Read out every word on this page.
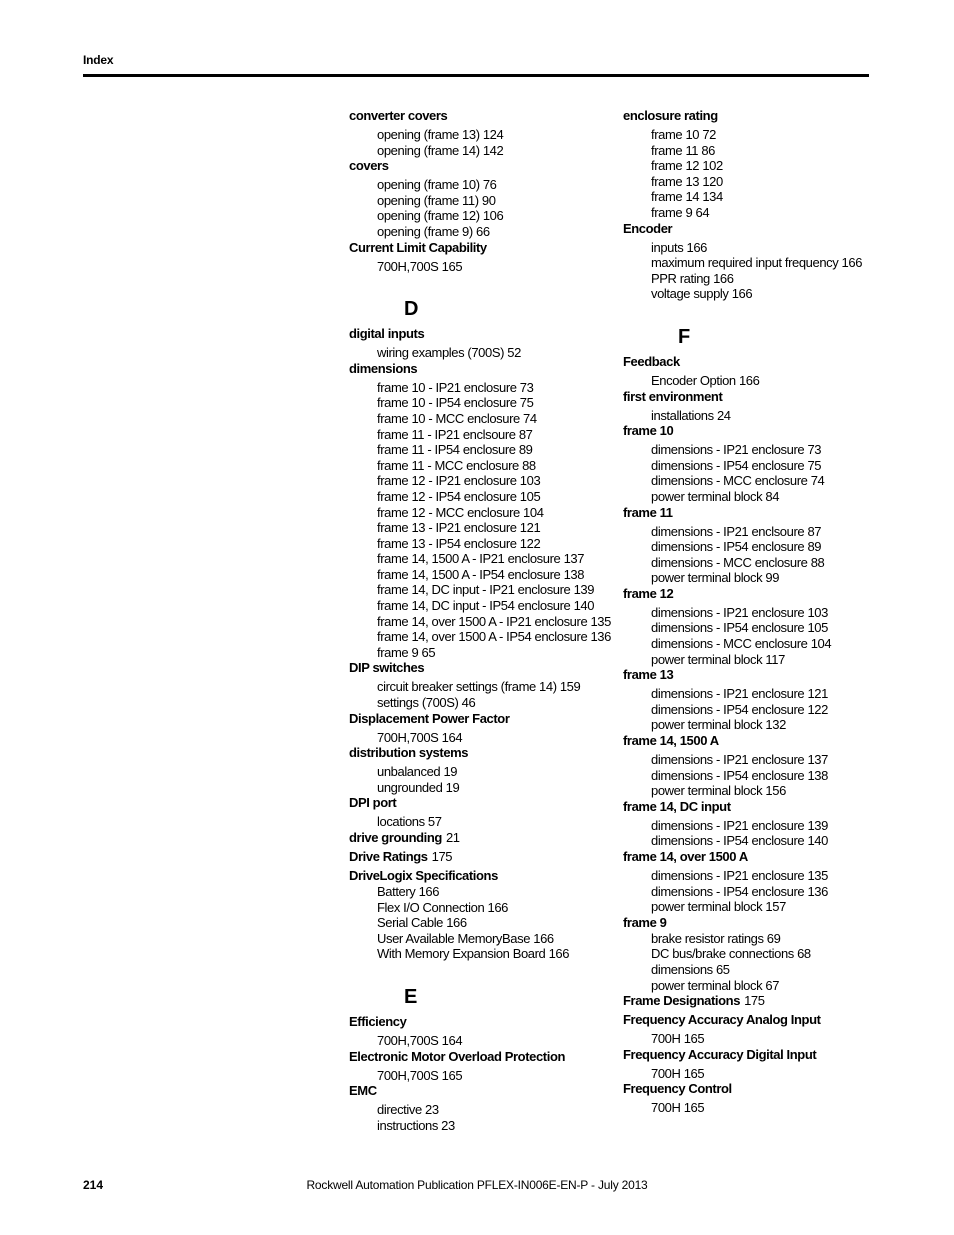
Index
converter covers
opening (frame 13) 124
opening (frame 14) 142
covers
opening (frame 10) 76
opening (frame 11) 90
opening (frame 12) 106
opening (frame 9) 66
Current Limit Capability
700H,700S 165
D
digital inputs
wiring examples (700S) 52
dimensions
frame 10 - IP21 enclosure 73
frame 10 - IP54 enclosure 75
frame 10 - MCC enclosure 74
frame 11 - IP21 enclsoure 87
frame 11 - IP54 enclosure 89
frame 11 - MCC enclosure 88
frame 12 - IP21 enclosure 103
frame 12 - IP54 enclosure 105
frame 12 - MCC enclosure 104
frame 13 - IP21 enclosure 121
frame 13 - IP54 enclosure 122
frame 14, 1500 A - IP21 enclosure 137
frame 14, 1500 A - IP54 enclosure 138
frame 14, DC input - IP21 enclosure 139
frame 14, DC input - IP54 enclosure 140
frame 14, over 1500 A - IP21 enclosure 135
frame 14, over 1500 A - IP54 enclosure 136
frame 9 65
DIP switches
circuit breaker settings (frame 14) 159
settings (700S) 46
Displacement Power Factor
700H,700S 164
distribution systems
unbalanced 19
ungrounded 19
DPI port
locations 57
drive grounding 21
Drive Ratings 175
DriveLogix Specifications
Battery 166
Flex I/O Connection 166
Serial Cable 166
User Available MemoryBase 166
With Memory Expansion Board 166
E
Efficiency
700H,700S 164
Electronic Motor Overload Protection
700H,700S 165
EMC
directive 23
instructions 23
enclosure rating
frame 10 72
frame 11 86
frame 12 102
frame 13 120
frame 14 134
frame 9 64
Encoder
inputs 166
maximum required input frequency 166
PPR rating 166
voltage supply 166
F
Feedback
Encoder Option 166
first environment
installations 24
frame 10
dimensions - IP21 enclosure 73
dimensions - IP54 enclosure 75
dimensions - MCC enclosure 74
power terminal block 84
frame 11
dimensions - IP21 enclsoure 87
dimensions - IP54 enclosure 89
dimensions - MCC enclosure 88
power terminal block 99
frame 12
dimensions - IP21 enclosure 103
dimensions - IP54 enclosure 105
dimensions - MCC enclosure 104
power terminal block 117
frame 13
dimensions - IP21 enclosure 121
dimensions - IP54 enclosure 122
power terminal block 132
frame 14, 1500 A
dimensions - IP21 enclosure 137
dimensions - IP54 enclosure 138
power terminal block 156
frame 14, DC input
dimensions - IP21 enclosure 139
dimensions - IP54 enclosure 140
frame 14, over 1500 A
dimensions - IP21 enclosure 135
dimensions - IP54 enclosure 136
power terminal block 157
frame 9
brake resistor ratings 69
DC bus/brake connections 68
dimensions 65
power terminal block 67
Frame Designations 175
Frequency Accuracy Analog Input
700H 165
Frequency Accuracy Digital Input
700H 165
Frequency Control
700H 165
214	Rockwell Automation Publication PFLEX-IN006E-EN-P - July 2013
